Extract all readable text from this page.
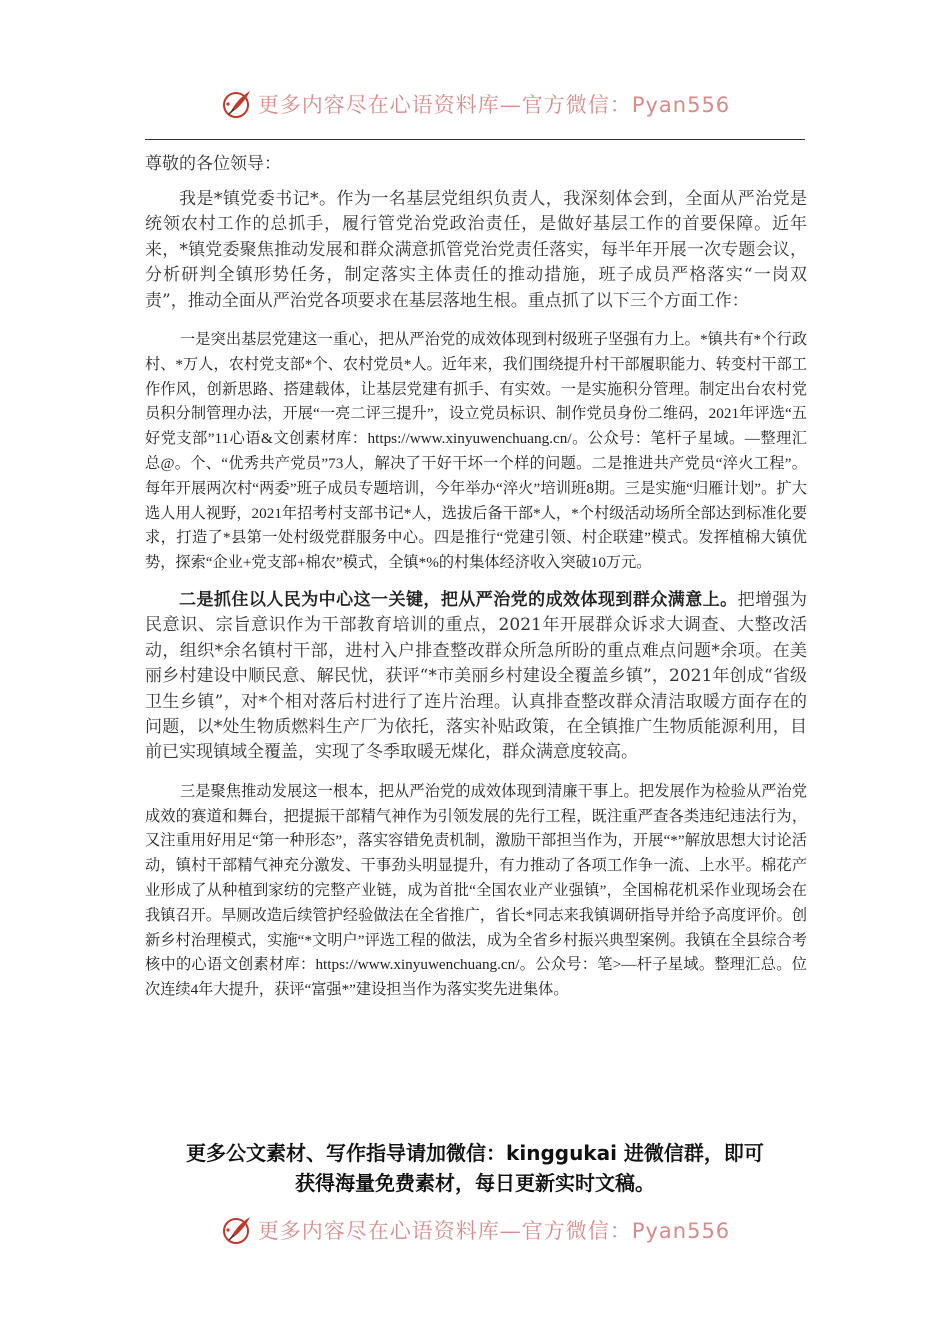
更多内容尽在心语资料库—官方微信：Pyan556

尊敬的各位领导：

我是*镇党委书记*。作为一名基层党组织负责人，我深刻体会到，全面从严治党是统领农村工作的总抓手，履行管党治党政治责任，是做好基层工作的首要保障。近年来，*镇党委聚焦推动发展和群众满意抓管党治党责任落实，每半年开展一次专题会议，分析研判全镇形势任务，制定落实主体责任的推动措施，班子成员严格落实“一岗双责”，推动全面从严治党各项要求在基层落地生根。重点抓了以下三个方面工作：

一是突出基层党建这一重心，把从严治党的成效体现到村级班子坚强有力上。*镇共有*个行政村、*万人，农村党支部*个、农村党员*人。近年来，我们围绕提升村干部履职能力、转变村干部工作作风，创新思路、搭建载体，让基层党建有抓手、有实效。一是实施积分管理。制定出台农村党员积分制管理办法，开展“一亮二评三提升”，设立党员标识、制作党员身份二维码，2021年评选“五好党支部”11心语&文创素材库：https://www.xinyuwenchuang.cn/。公众号：笔杆子星域。—整理汇总@。个、“优秀共产党员”73人，解决了干好干坏一个样的问题。二是推进共产党员“淬火工程”。每年开展两次村“两委”班子成员专题培训，今年举办“淬火”培训班8期。三是实施“归雁计划”。扩大选人用人视野，2021年招考村支部书记*人，选拔后备干部*人，*个村级活动场所全部达到标准化要求，打造了*县第一处村级党群服务中心。四是推行“党建引领、村企联建”模式。发挥植棉大镇优势，探索“企业+党支部+棉农”模式，全镇*%的村集体经济收入突破10万元。

二是抓住以人民为中心这一关键，把从严治党的成效体现到群众满意上。把增强为民意识、宗旨意识作为干部教育培训的重点，2021年开展群众诉求大调查、大整改活动，组织*余名镇村干部，进村入户排查整改群众所急所盼的重点难点问题*余项。在美丽乡村建设中顺民意、解民忧，获评“*市美丽乡村建设全覆盖乡镇”，2021年创成“省级卫生乡镇”，对*个相对落后村进行了连片治理。认真排查整改群众清洁取暖方面存在的问题，以*处生物质燃料生产厂为依托，落实补贴政策，在全镇推广生物质能源利用，目前已实现镇域全覆盖，实现了冬季取暖无煤化，群众满意度较高。

三是聚焦推动发展这一根本，把从严治党的成效体现到清廉干事上。把发展作为检验从严治党成效的赛道和舞台，把提振干部精气神作为引领发展的先行工程，既注重严查各类违纪违法行为，又注重用好用足“第一种形态”，落实容错免责机制，激励干部担当作为，开展“*”解放思想大讨论活动，镇村干部精气神充分激发、干事劲头明显提升，有力推动了各项工作争一流、上水平。棉花产业形成了从种植到家纺的完整产业链，成为首批“全国农业产业强镇”，全国棉花机采作业现场会在我镇召开。旱厕改造后续管护经验做法在全省推广，省长*同志来我镇调研指导并给予高度评价。创新乡村治理模式，实施“*文明户”评选工程的做法，成为全省乡村振兴典型案例。我镇在全县综合考核中的心语文创素材库：https://www.xinyuwenchuang.cn/。公众号：笔>—杆子星域。整理汇总。位次连续4年大提升，获评“富强*”建设担当作为落实奖先进集体。

更多公文素材、写作指导请加微信：kinggukai 进微信群，即可
获得海量免费素材，每日更新实时文稿。
更多内容尽在心语资料库—官方微信：Pyan556
